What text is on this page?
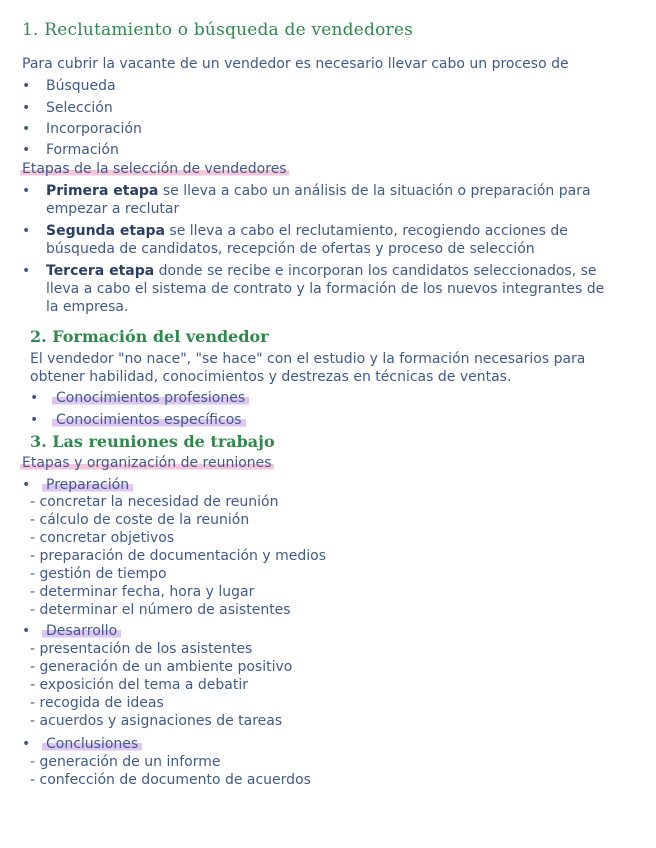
1. Reclutamiento o búsqueda de vendedores
Para cubrir la vacante de un vendedor es necesario llevar cabo un proceso de
• Búsqueda
• Selección
• Incorporación
• Formación
Etapas de la selección de vendedores
• Primera etapa se lleva a cabo un análisis de la situación o preparación para
empezar a reclutar
• Segunda etapa se lleva a cabo el reclutamiento, recogiendo acciones de
búsqueda de candidatos, recepción de ofertas y proceso de selección
• Tercera etapa donde se recibe e incorporan los candidatos seleccionados, se
lleva a cabo el sistema de contrato y la formación de los nuevos integrantes de
la empresa.
2. Formación del vendedor
El vendedor "no nace", "se hace" con el estudio y la formación necesarios para
obtener habilidad, conocimientos y destrezas en técnicas de ventas.
• Conocimientos profesiones
• Conocimientos específicos
3. Las reuniones de trabajo
Etapas y organización de reuniones
• Preparación
- concretar la necesidad de reunión
- cálculo de coste de la reunión
- concretar objetivos
- preparación de documentación y medios
- gestión de tiempo
- determinar fecha, hora y lugar
- determinar el número de asistentes
• Desarrollo
- presentación de los asistentes
- generación de un ambiente positivo
- exposición del tema a debatir
- recogida de ideas
- acuerdos y asignaciones de tareas
• Conclusiones
- generación de un informe
- confección de documento de acuerdos
